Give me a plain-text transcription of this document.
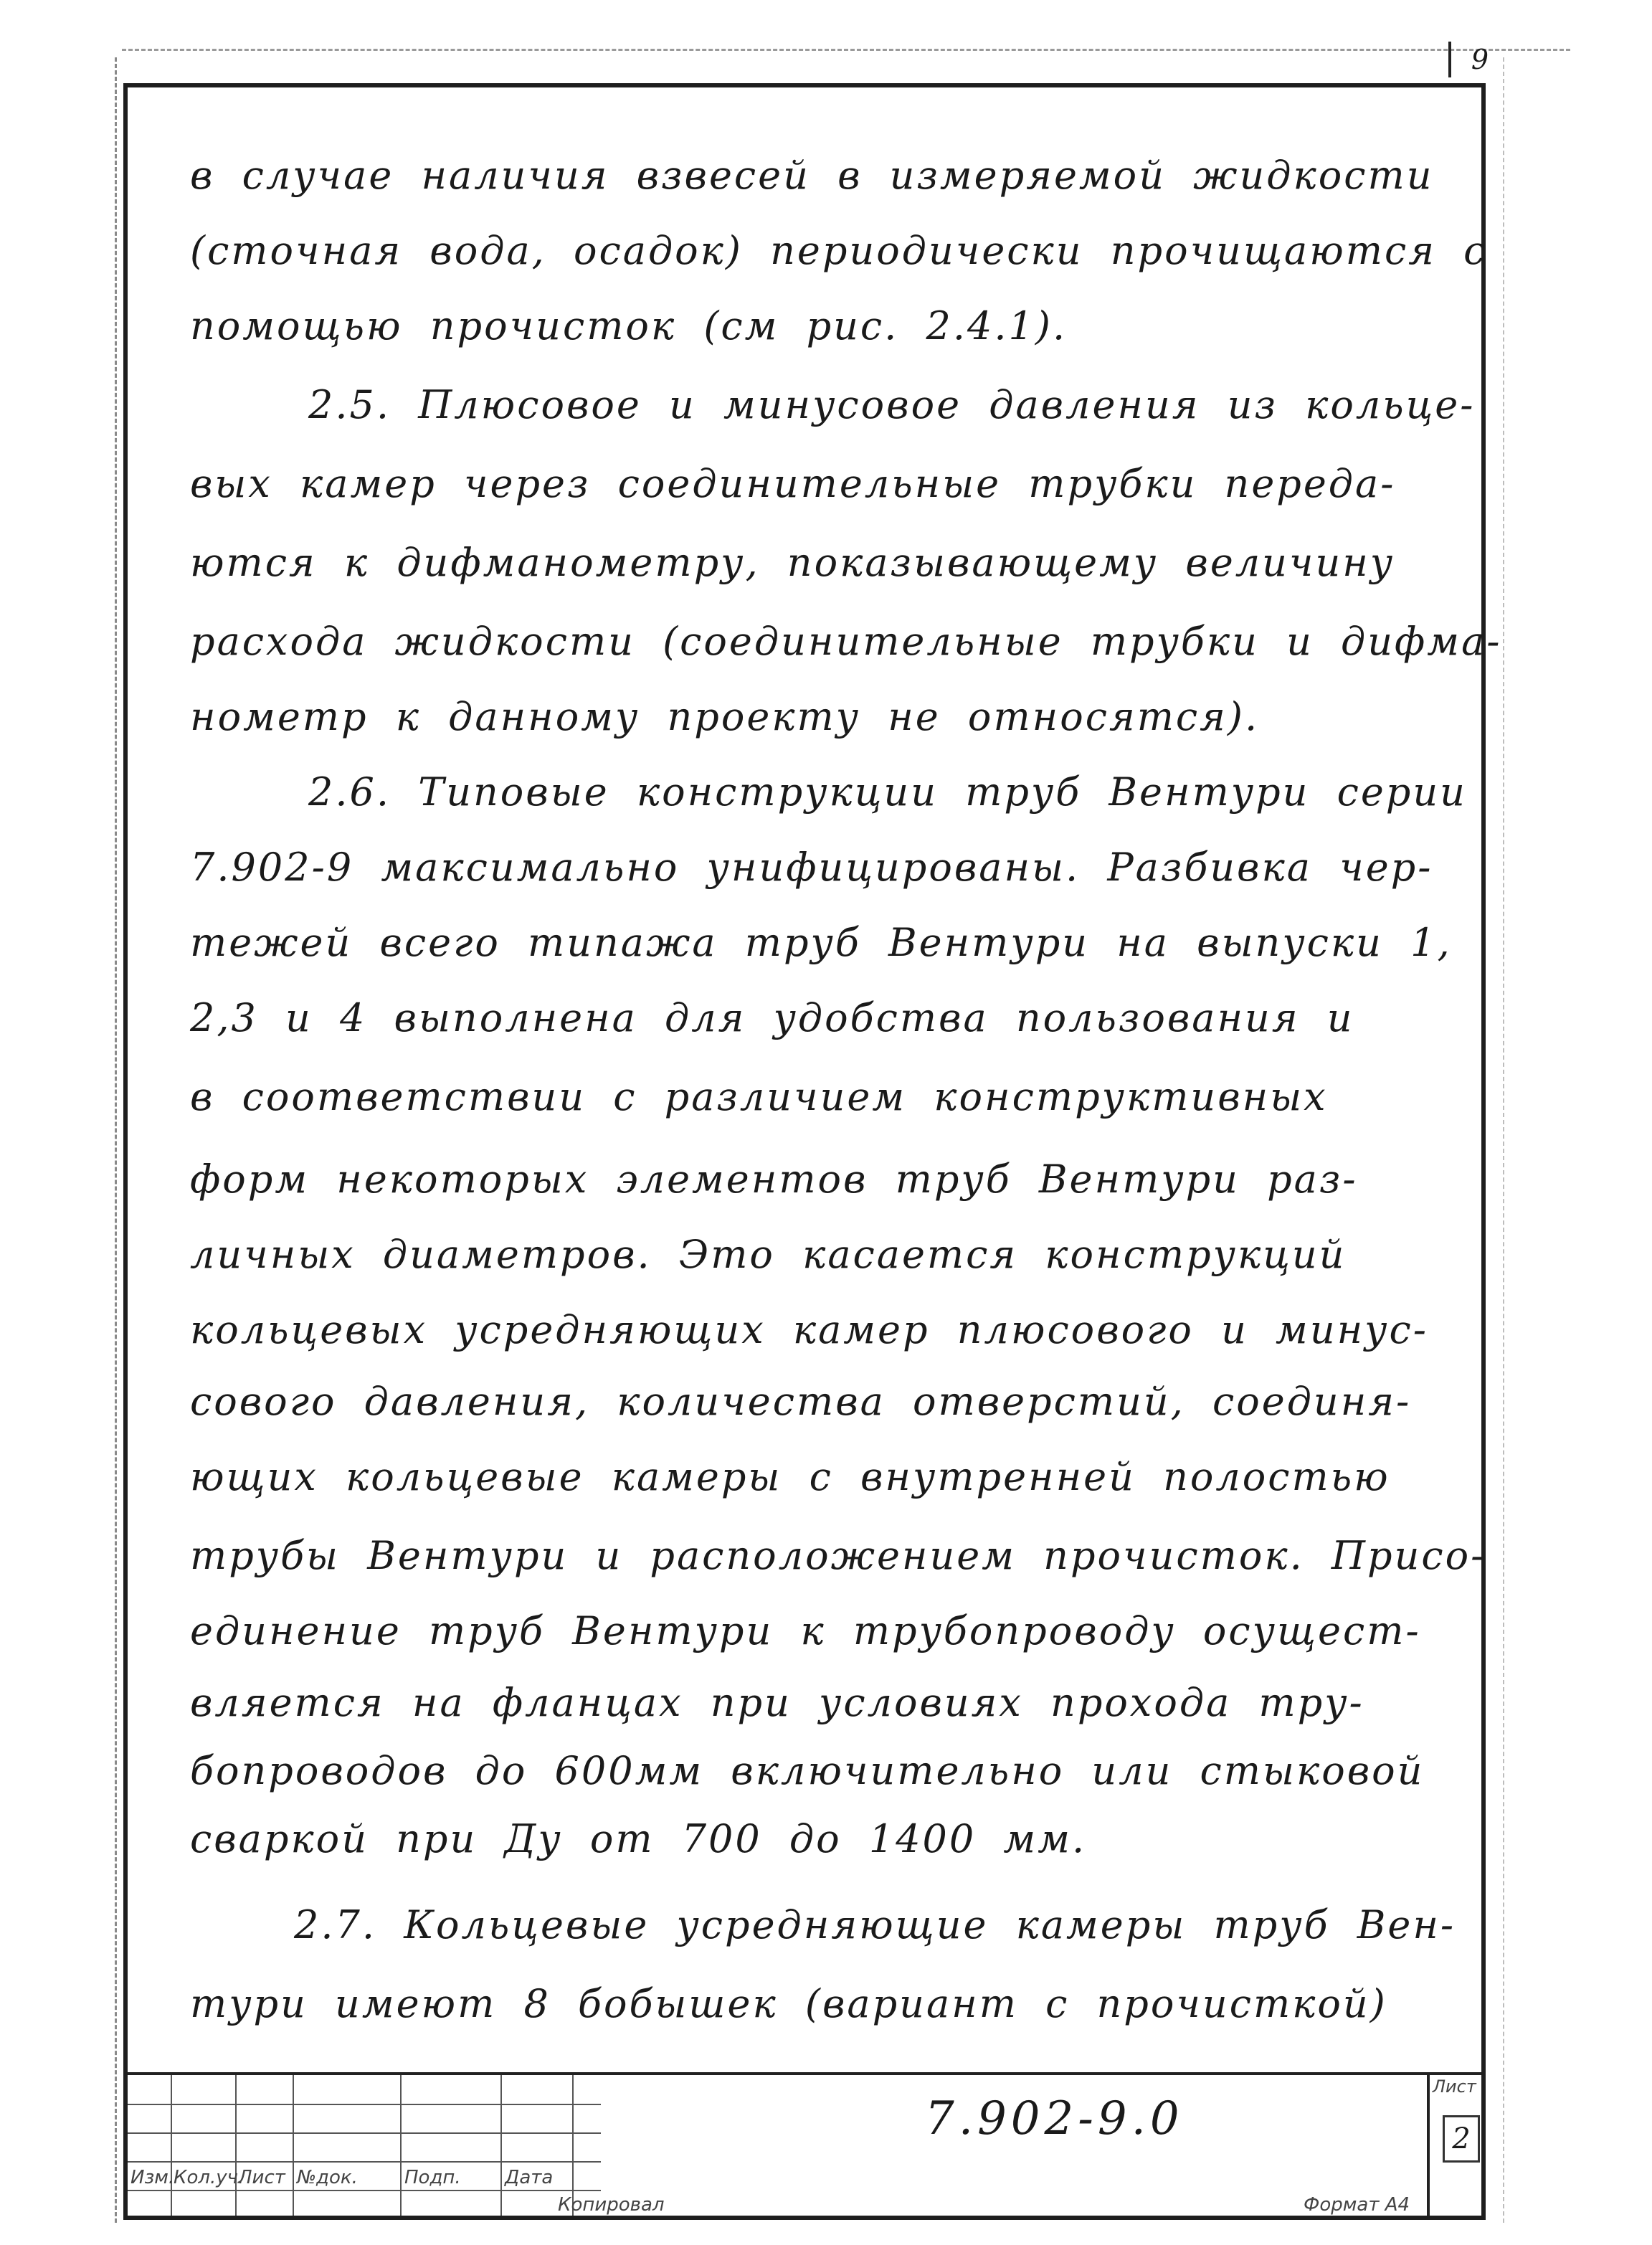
9
в случае наличия взвесей в измеряемой жидкости
(сточная вода, осадок) периодически прочищаются с
помощью прочисток (см рис. 2.4.1).
2.5. Плюсовое и минусовое давления из кольце-
вых камер через соединительные трубки переда-
ются к дифманометру, показывающему величину
расхода жидкости (соединительные трубки и дифма-
нометр к данному проекту не относятся).
2.6. Типовые конструкции труб Вентури серии
7.902-9 максимально унифицированы. Разбивка чер-
тежей всего типажа труб Вентури на выпуски 1,
2,3 и 4 выполнена для удобства пользования и
в соответствии с различием конструктивных
форм некоторых элементов труб Вентури раз-
личных диаметров. Это касается конструкций
кольцевых усредняющих камер плюсового и минус-
сового давления, количества отверстий, соединя-
ющих кольцевые камеры с внутренней полостью
трубы Вентури и расположением прочисток. Присо-
единение труб Вентури к трубопроводу осущест-
вляется на фланцах при условиях прохода тру-
бопроводов до 600мм включительно или стыковой
сваркой при Ду от 700 до 1400 мм.
2.7. Кольцевые усредняющие камеры труб Вен-
тури имеют 8 бобышек (вариант с прочисткой)
Изм.
Кол.уч.
Лист №док.	Подп. Дата
Копировал	Формат А4
7.902-9.0
Лист
2
